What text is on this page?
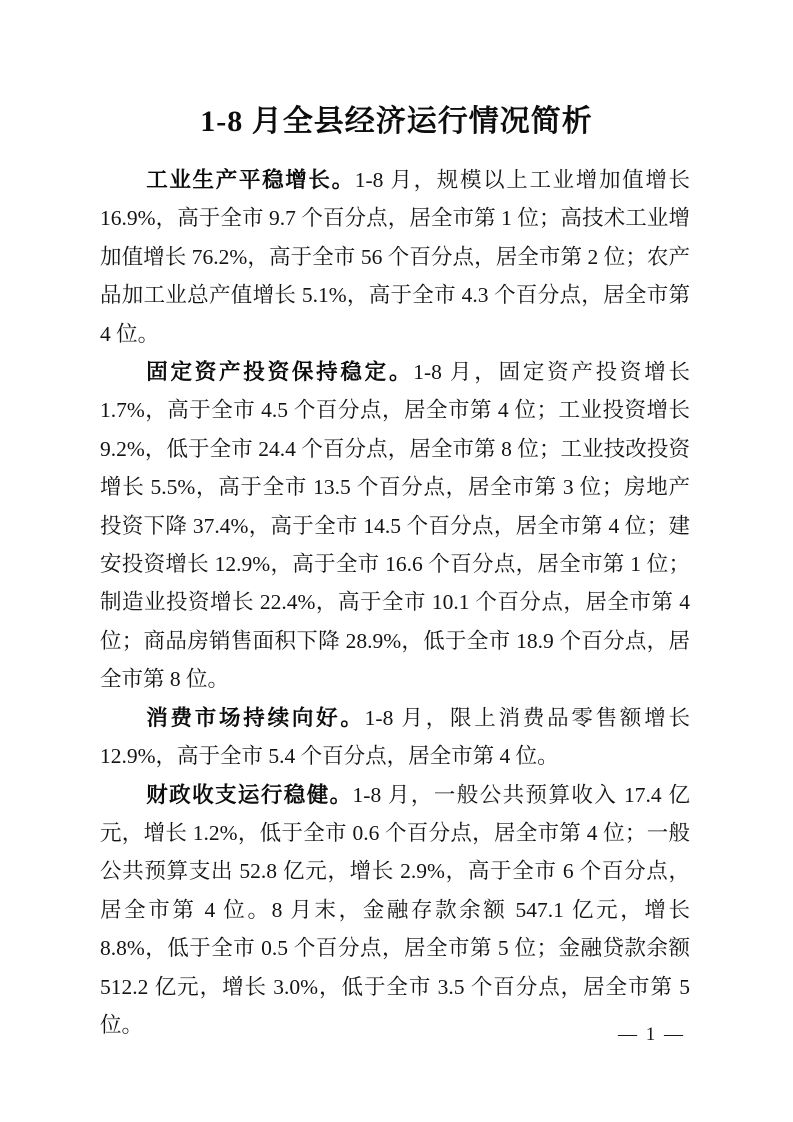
1-8 月全县经济运行情况简析

工业生产平稳增长。1-8 月，规模以上工业增加值增长 16.9%，高于全市 9.7 个百分点，居全市第 1 位；高技术工业增加值增长 76.2%，高于全市 56 个百分点，居全市第 2 位；农产品加工业总产值增长 5.1%，高于全市 4.3 个百分点，居全市第 4 位。

固定资产投资保持稳定。1-8 月，固定资产投资增长 1.7%，高于全市 4.5 个百分点，居全市第 4 位；工业投资增长 9.2%，低于全市 24.4 个百分点，居全市第 8 位；工业技改投资增长 5.5%，高于全市 13.5 个百分点，居全市第 3 位；房地产投资下降 37.4%，高于全市 14.5 个百分点，居全市第 4 位；建安投资增长 12.9%，高于全市 16.6 个百分点，居全市第 1 位；制造业投资增长 22.4%，高于全市 10.1 个百分点，居全市第 4 位；商品房销售面积下降 28.9%，低于全市 18.9 个百分点，居全市第 8 位。

消费市场持续向好。1-8 月，限上消费品零售额增长 12.9%，高于全市 5.4 个百分点，居全市第 4 位。

财政收支运行稳健。1-8 月，一般公共预算收入 17.4 亿元，增长 1.2%，低于全市 0.6 个百分点，居全市第 4 位；一般公共预算支出 52.8 亿元，增长 2.9%，高于全市 6 个百分点，居全市第 4 位。8 月末，金融存款余额 547.1 亿元，增长 8.8%，低于全市 0.5 个百分点，居全市第 5 位；金融贷款余额 512.2 亿元，增长 3.0%，低于全市 3.5 个百分点，居全市第 5 位。	— 1 —
